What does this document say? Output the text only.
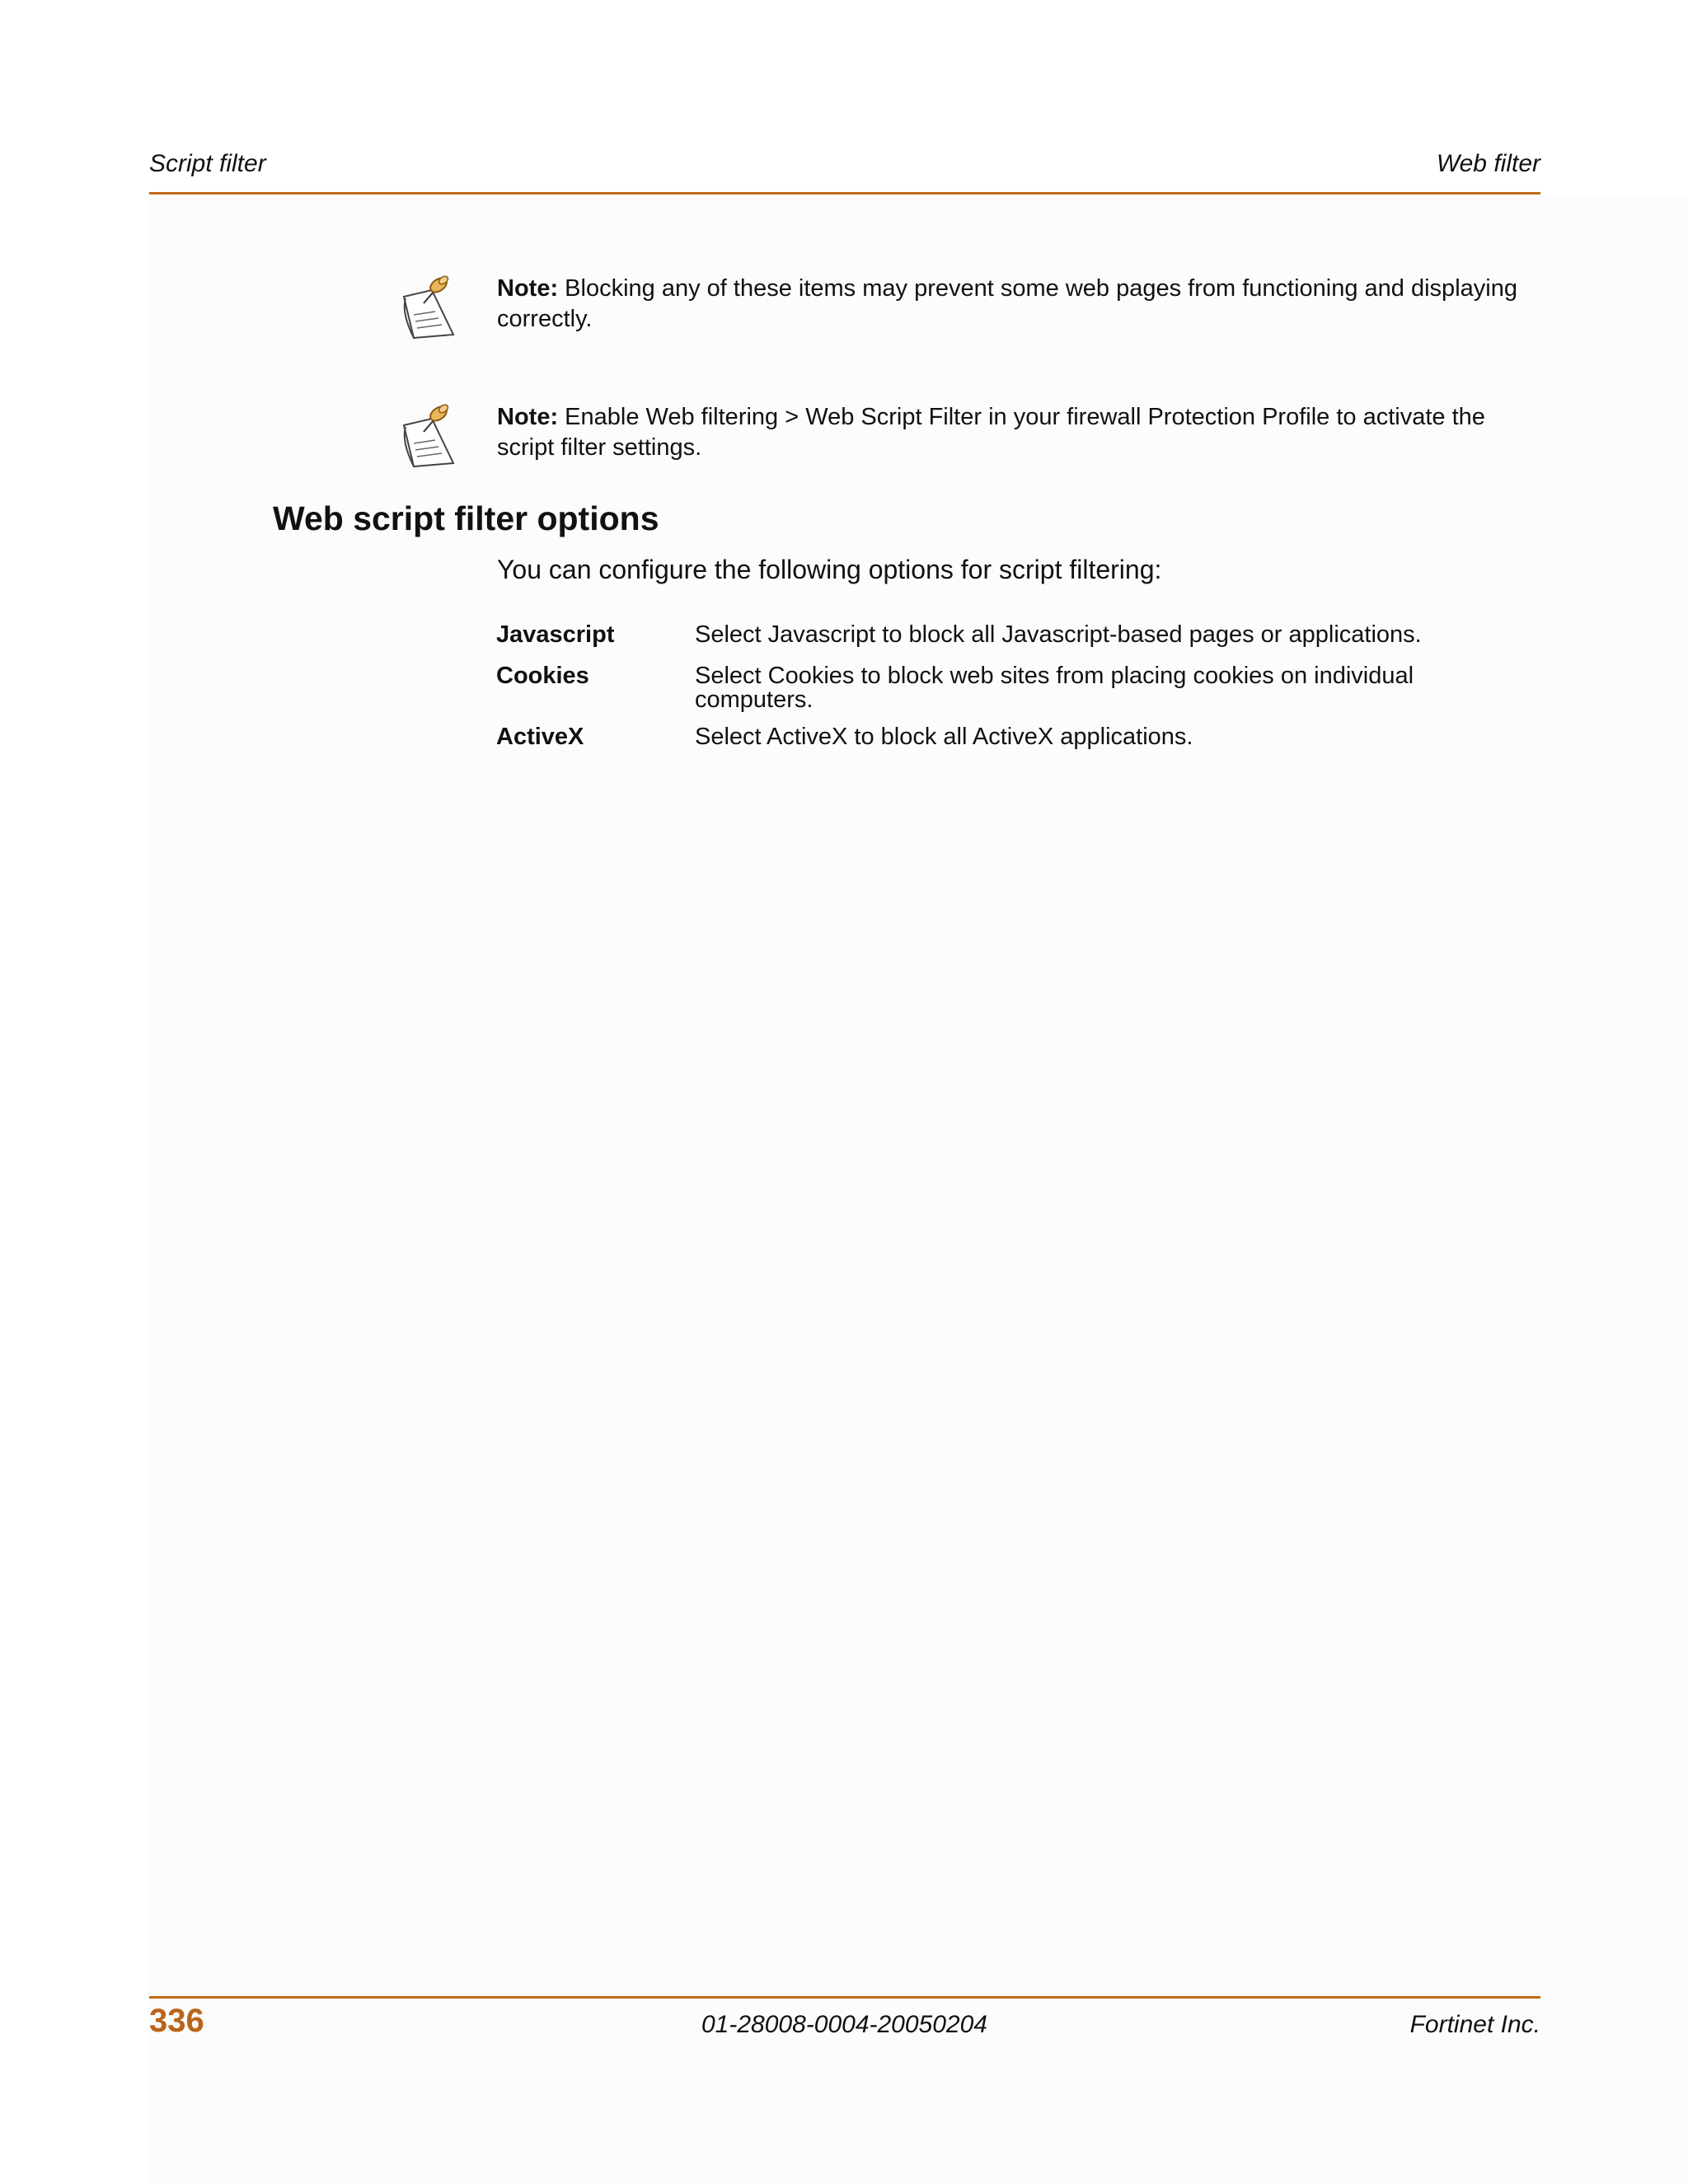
Script filter	Web filter
Note: Blocking any of these items may prevent some web pages from functioning and displaying correctly.
Note: Enable Web filtering > Web Script Filter in your firewall Protection Profile to activate the script filter settings.
Web script filter options

You can configure the following options for script filtering:

Javascript	Select Javascript to block all Javascript-based pages or applications.
Cookies	Select Cookies to block web sites from placing cookies on individual computers.
ActiveX	Select ActiveX to block all ActiveX applications.
336	01-28008-0004-20050204	Fortinet Inc.
